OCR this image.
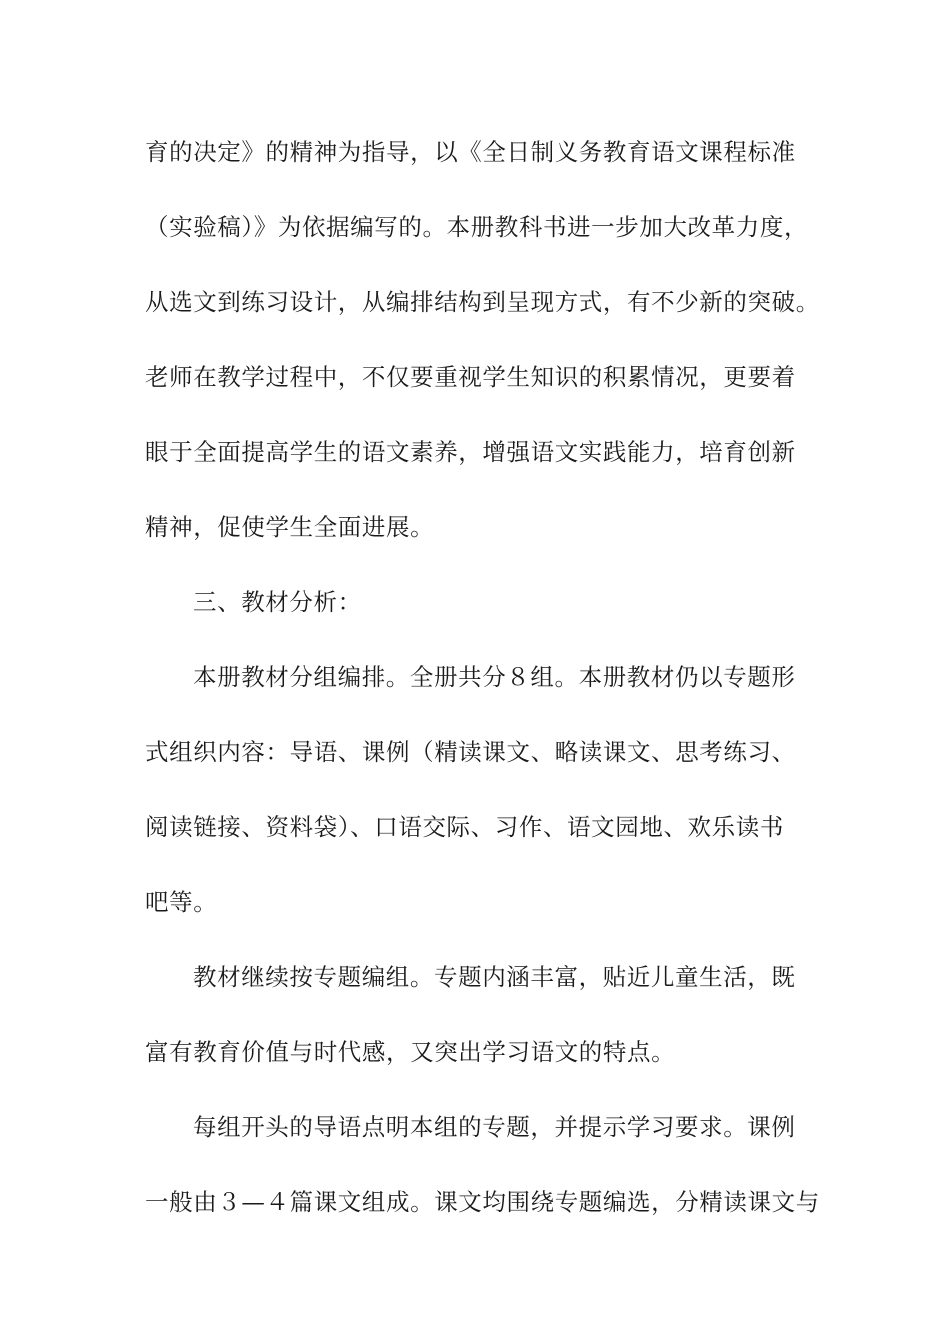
育的决定》的精神为指导，以《全日制义务教育语文课程标准
（实验稿）》为依据编写的。本册教科书进一步加大改革力度，
从选文到练习设计，从编排结构到呈现方式，有不少新的突破。
老师在教学过程中，不仅要重视学生知识的积累情况，更要着
眼于全面提高学生的语文素养，增强语文实践能力，培育创新
精神，促使学生全面进展。
三、教材分析：
本册教材分组编排。全册共分８组。本册教材仍以专题形
式组织内容：导语、课例（精读课文、略读课文、思考练习、
阅读链接、资料袋）、口语交际、习作、语文园地、欢乐读书
吧等。
教材继续按专题编组。专题内涵丰富，贴近儿童生活，既
富有教育价值与时代感，又突出学习语文的特点。
每组开头的导语点明本组的专题，并提示学习要求。课例
一般由３—４篇课文组成。课文均围绕专题编选，分精读课文与
